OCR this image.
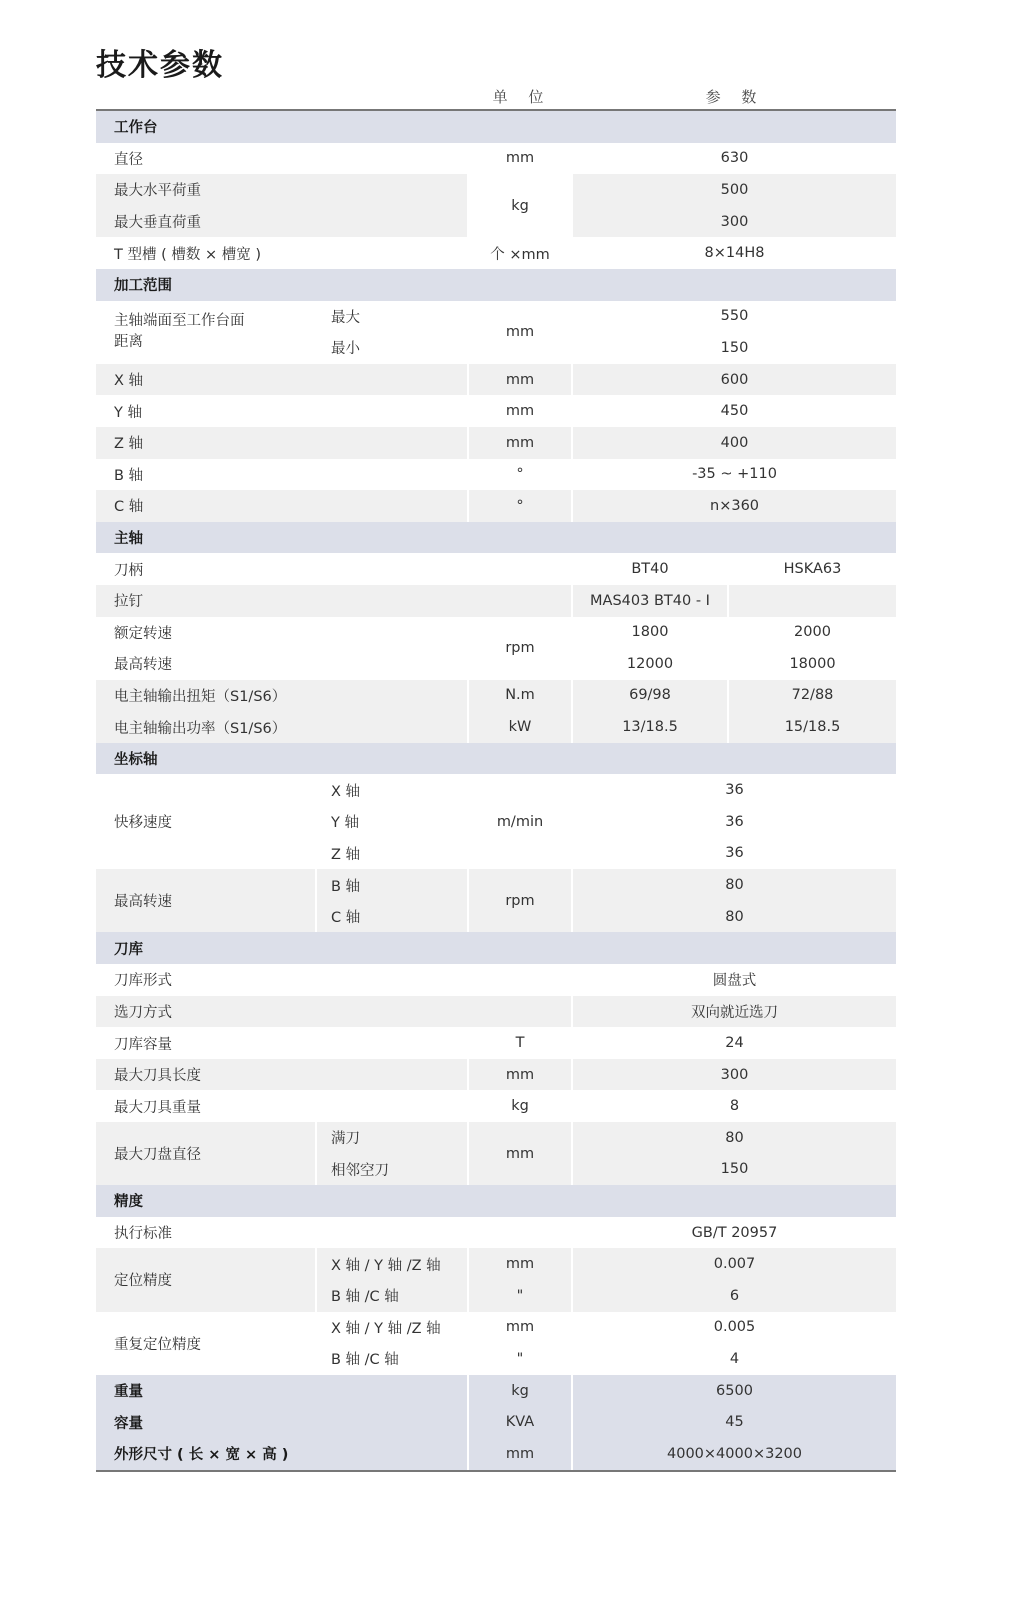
技术参数
单 位	参 数
工作台				
直径		mm	630	
最大水平荷重		kg	500	
最大垂直荷重			300	
T 型槽 ( 槽数 × 槽宽 )		个 ×mm	8×14H8	
加工范围				
主轴端面至工作台面
距离	最大	mm	550	
	最小		150	
X 轴		mm	600	
Y 轴		mm	450	
Z 轴		mm	400	
B 轴		°	-35 ~ +110	
C 轴		°	n×360	
主轴				
刀柄			BT40	HSKA63
拉钉			MAS403 BT40 - I	
额定转速		rpm	1800	2000
最高转速			12000	18000
电主轴输出扭矩（S1/S6）		N.m	69/98	72/88
电主轴输出功率（S1/S6）		kW	13/18.5	15/18.5
坐标轴				
快移速度	X 轴	m/min	36	
	Y 轴		36	
	Z 轴		36	
最高转速	B 轴	rpm	80	
	C 轴		80	
刀库				
刀库形式			圆盘式	
选刀方式			双向就近选刀	
刀库容量		T	24	
最大刀具长度		mm	300	
最大刀具重量		kg	8	
最大刀盘直径	满刀	mm	80	
	相邻空刀		150	
精度				
执行标准			GB/T 20957	
定位精度	X 轴 / Y 轴 /Z 轴	mm	0.007	
	B 轴 /C 轴	"	6	
重复定位精度	X 轴 / Y 轴 /Z 轴	mm	0.005	
	B 轴 /C 轴	"	4	
重量		kg	6500	
容量		KVA	45	
外形尺寸 ( 长 × 宽 × 高 )		mm	4000×4000×3200	
